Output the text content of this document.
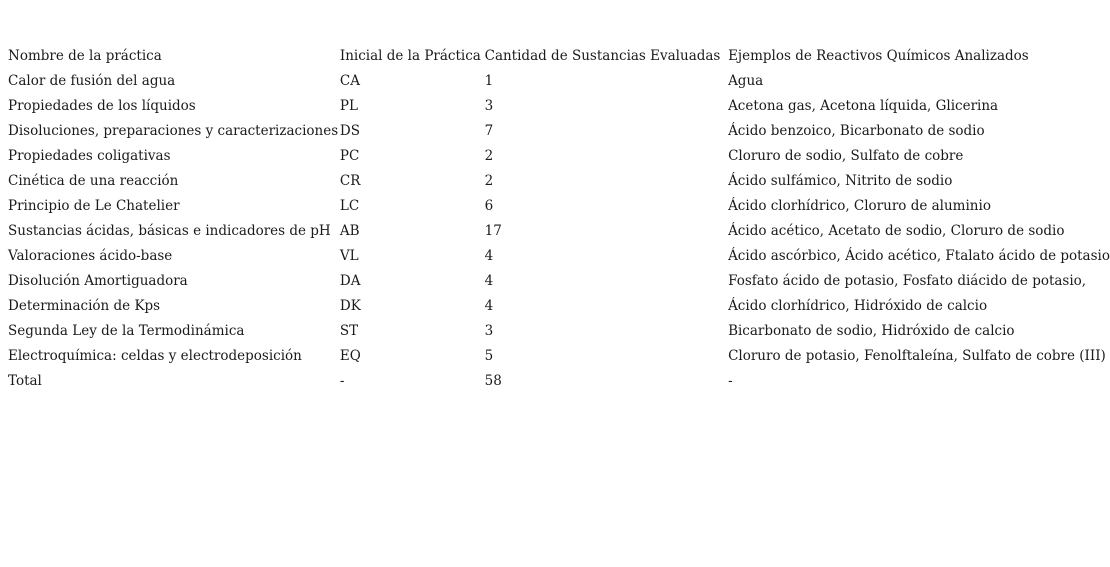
Nombre de la práctica	Inicial de la Práctica	Cantidad de Sustancias Evaluadas	Ejemplos de Reactivos Químicos Analizados
Calor de fusión del agua	CA	1	Agua
Propiedades de los líquidos	PL	3	Acetona gas, Acetona líquida, Glicerina
Disoluciones, preparaciones y caracterizaciones	DS	7	Ácido benzoico, Bicarbonato de sodio
Propiedades coligativas	PC	2	Cloruro de sodio, Sulfato de cobre
Cinética de una reacción	CR	2	Ácido sulfámico, Nitrito de sodio
Principio de Le Chatelier	LC	6	Ácido clorhídrico, Cloruro de aluminio
Sustancias ácidas, básicas e indicadores de pH	AB	17	Ácido acético, Acetato de sodio, Cloruro de sodio
Valoraciones ácido-base	VL	4	Ácido ascórbico, Ácido acético, Ftalato ácido de potasio
Disolución Amortiguadora	DA	4	Fosfato ácido de potasio, Fosfato diácido de potasio,
Determinación de Kps	DK	4	Ácido clorhídrico, Hidróxido de calcio
Segunda Ley de la Termodinámica	ST	3	Bicarbonato de sodio, Hidróxido de calcio
Electroquímica: celdas y electrodeposición	EQ	5	Cloruro de potasio, Fenolftaleína, Sulfato de cobre (III)
Total	-	58	-
